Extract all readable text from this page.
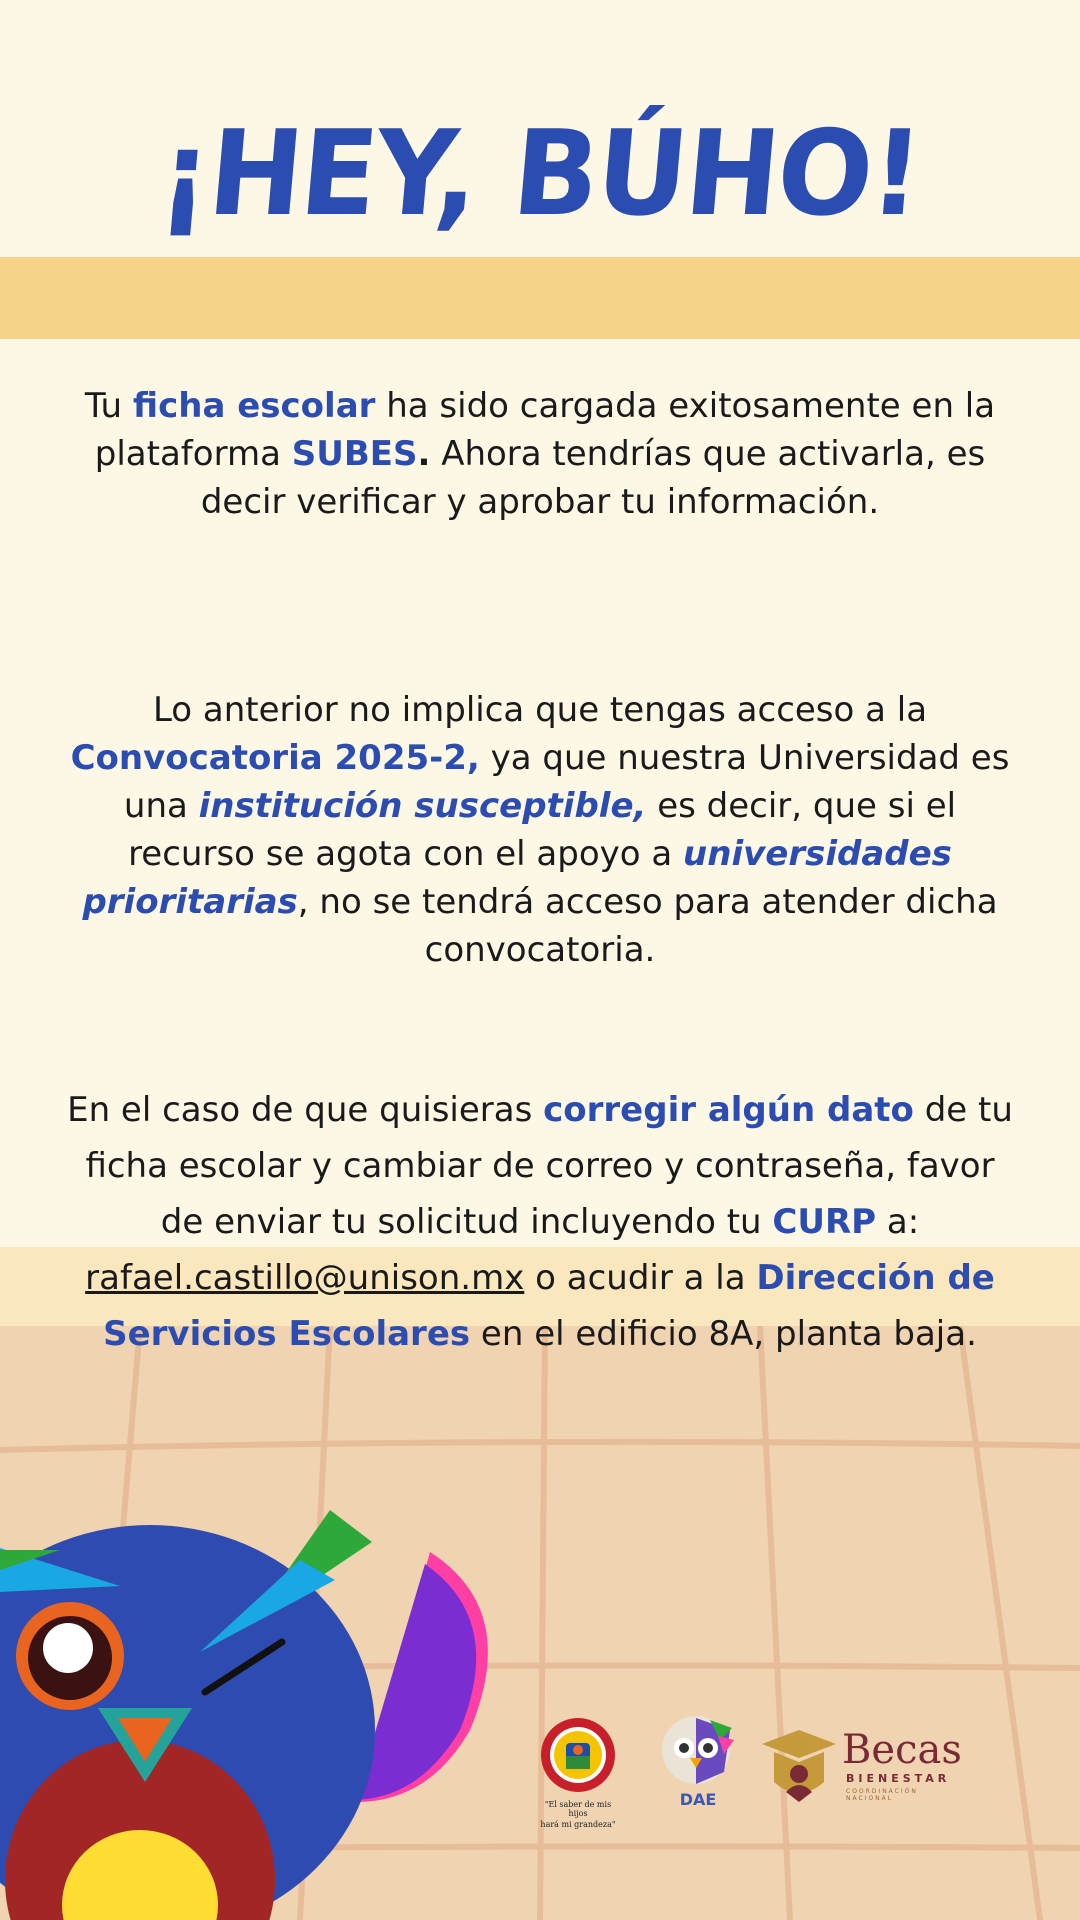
¡HEY, BÚHO!

Tu ficha escolar ha sido cargada exitosamente en la plataforma SUBES. Ahora tendrías que activarla, es decir verificar y aprobar tu información.

Lo anterior no implica que tengas acceso a la Convocatoria 2025-2, ya que nuestra Universidad es una institución susceptible, es decir, que si el recurso se agota con el apoyo a universidades prioritarias, no se tendrá acceso para atender dicha convocatoria.

En el caso de que quisieras corregir algún dato de tu ficha escolar y cambiar de correo y contraseña, favor de enviar tu solicitud incluyendo tu CURP a: rafael.castillo@unison.mx o acudir a la Dirección de Servicios Escolares en el edificio 8A, planta baja.

"El saber de mis hijos
hará mi grandeza"
DAE
Becas
BIENESTAR
COORDINACIÓN NACIONAL
